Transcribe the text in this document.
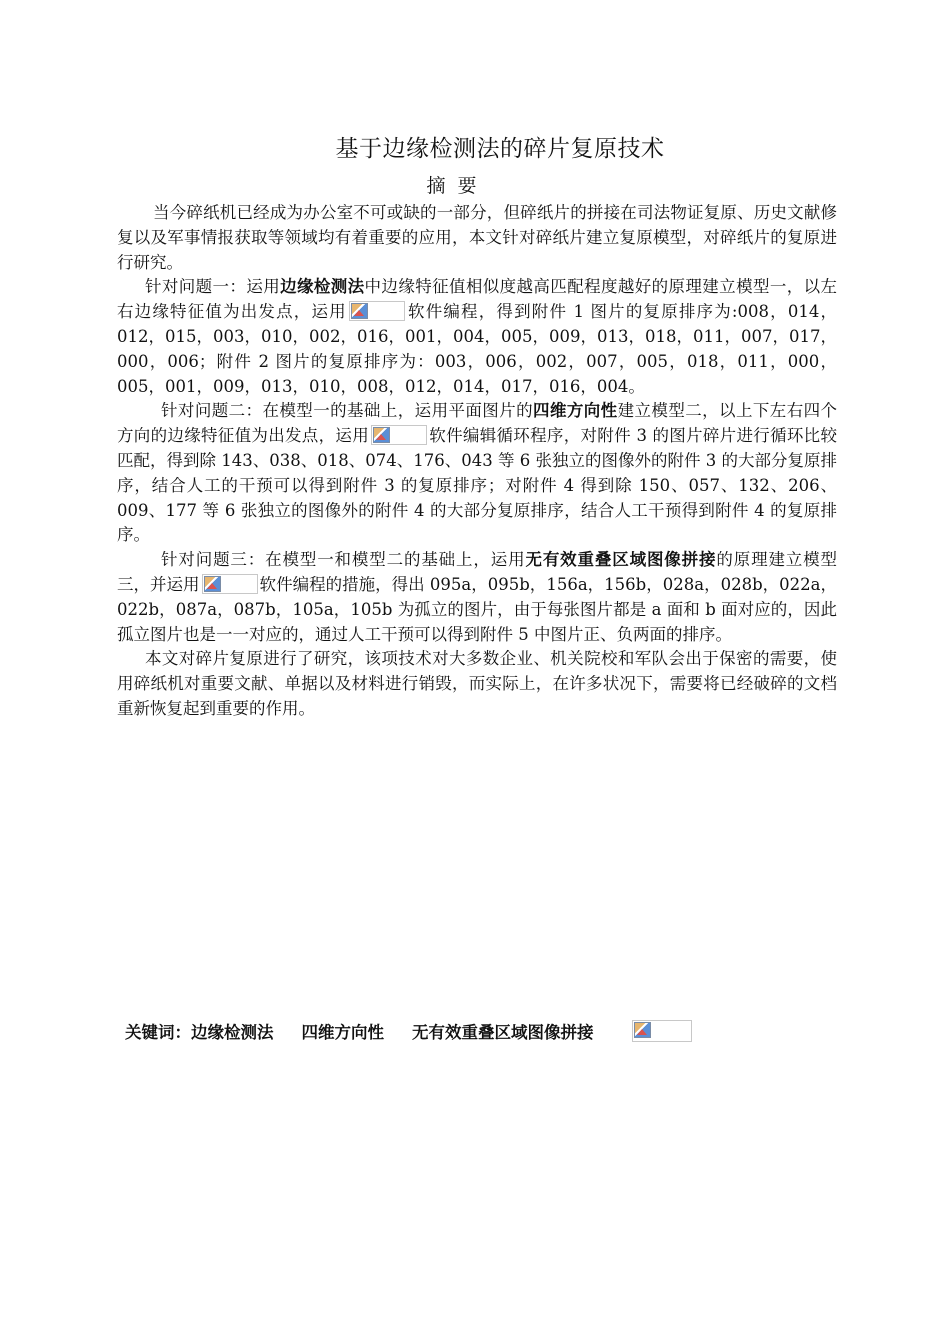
基于边缘检测法的碎片复原技术
摘要

当今碎纸机已经成为办公室不可或缺的一部分，但碎纸片的拼接在司法物证复原、历史文献修复以及军事情报获取等领域均有着重要的应用，本文针对碎纸片建立复原模型，对碎纸片的复原进行研究。

针对问题一：运用边缘检测法中边缘特征值相似度越高匹配程度越好的原理建立模型一，以左右边缘特征值为出发点，运用	软件编程，得到附件 1 图片的复原排序为:008，014，012，015，003，010，002，016，001，004，005，009，013，018，011，007，017，000，006；附件 2 图片的复原排序为：003，006，002，007，005，018，011，000，005，001，009，013，010，008，012，014，017，016，004。

针对问题二：在模型一的基础上，运用平面图片的四维方向性建立模型二，以上下左右四个方向的边缘特征值为出发点，运用	软件编辑循环程序，对附件 3 的图片碎片进行循环比较匹配，得到除 143、038、018、074、176、043 等 6 张独立的图像外的附件 3 的大部分复原排序，结合人工的干预可以得到附件 3 的复原排序；对附件 4 得到除 150、057、132、206、009、177 等 6 张独立的图像外的附件 4 的大部分复原排序，结合人工干预得到附件 4 的复原排序。

针对问题三：在模型一和模型二的基础上，运用无有效重叠区域图像拼接的原理建立模型三，并运用	软件编程的措施，得出 095a，095b，156a，156b，028a，028b，022a，022b，087a，087b，105a，105b 为孤立的图片，由于每张图片都是 a 面和 b 面对应的，因此孤立图片也是一一对应的，通过人工干预可以得到附件 5 中图片正、负两面的排序。

本文对碎片复原进行了研究，该项技术对大多数企业、机关院校和军队会出于保密的需要，使用碎纸机对重要文献、单据以及材料进行销毁，而实际上，在许多状况下，需要将已经破碎的文档重新恢复起到重要的作用。

关键词：边缘检测法 四维方向性 无有效重叠区域图像拼接
